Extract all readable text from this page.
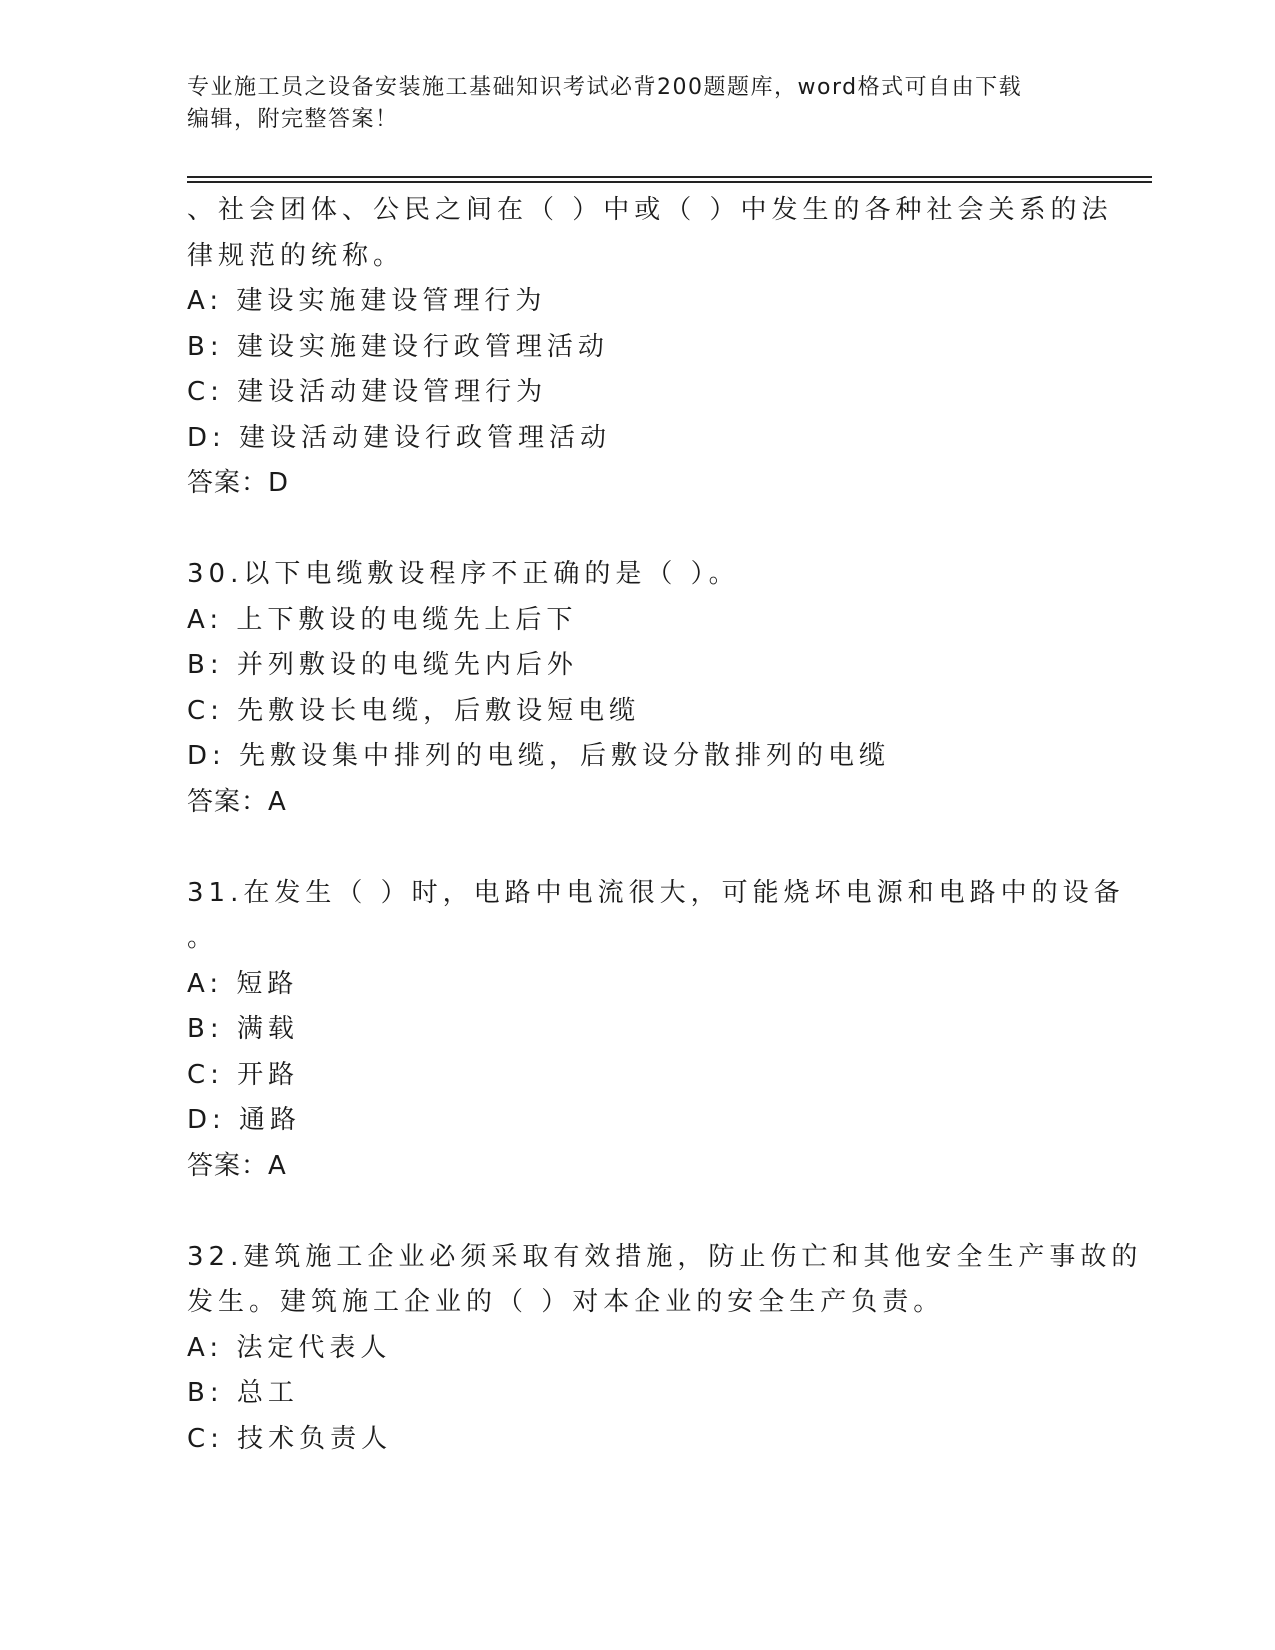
专业施工员之设备安装施工基础知识考试必背200题题库，word格式可自由下载
编辑，附完整答案！
、社会团体、公民之间在（ ）中或（ ）中发生的各种社会关系的法
律规范的统称。
A: 建设实施建设管理行为
B: 建设实施建设行政管理活动
C: 建设活动建设管理行为
D: 建设活动建设行政管理活动
答案：D
30.以下电缆敷设程序不正确的是（ ）。
A: 上下敷设的电缆先上后下
B: 并列敷设的电缆先内后外
C: 先敷设长电缆，后敷设短电缆
D: 先敷设集中排列的电缆，后敷设分散排列的电缆
答案：A
31.在发生（ ）时，电路中电流很大，可能烧坏电源和电路中的设备
。
A: 短路
B: 满载
C: 开路
D: 通路
答案：A
32.建筑施工企业必须采取有效措施，防止伤亡和其他安全生产事故的
发生。建筑施工企业的（ ）对本企业的安全生产负责。
A: 法定代表人
B: 总工
C: 技术负责人
